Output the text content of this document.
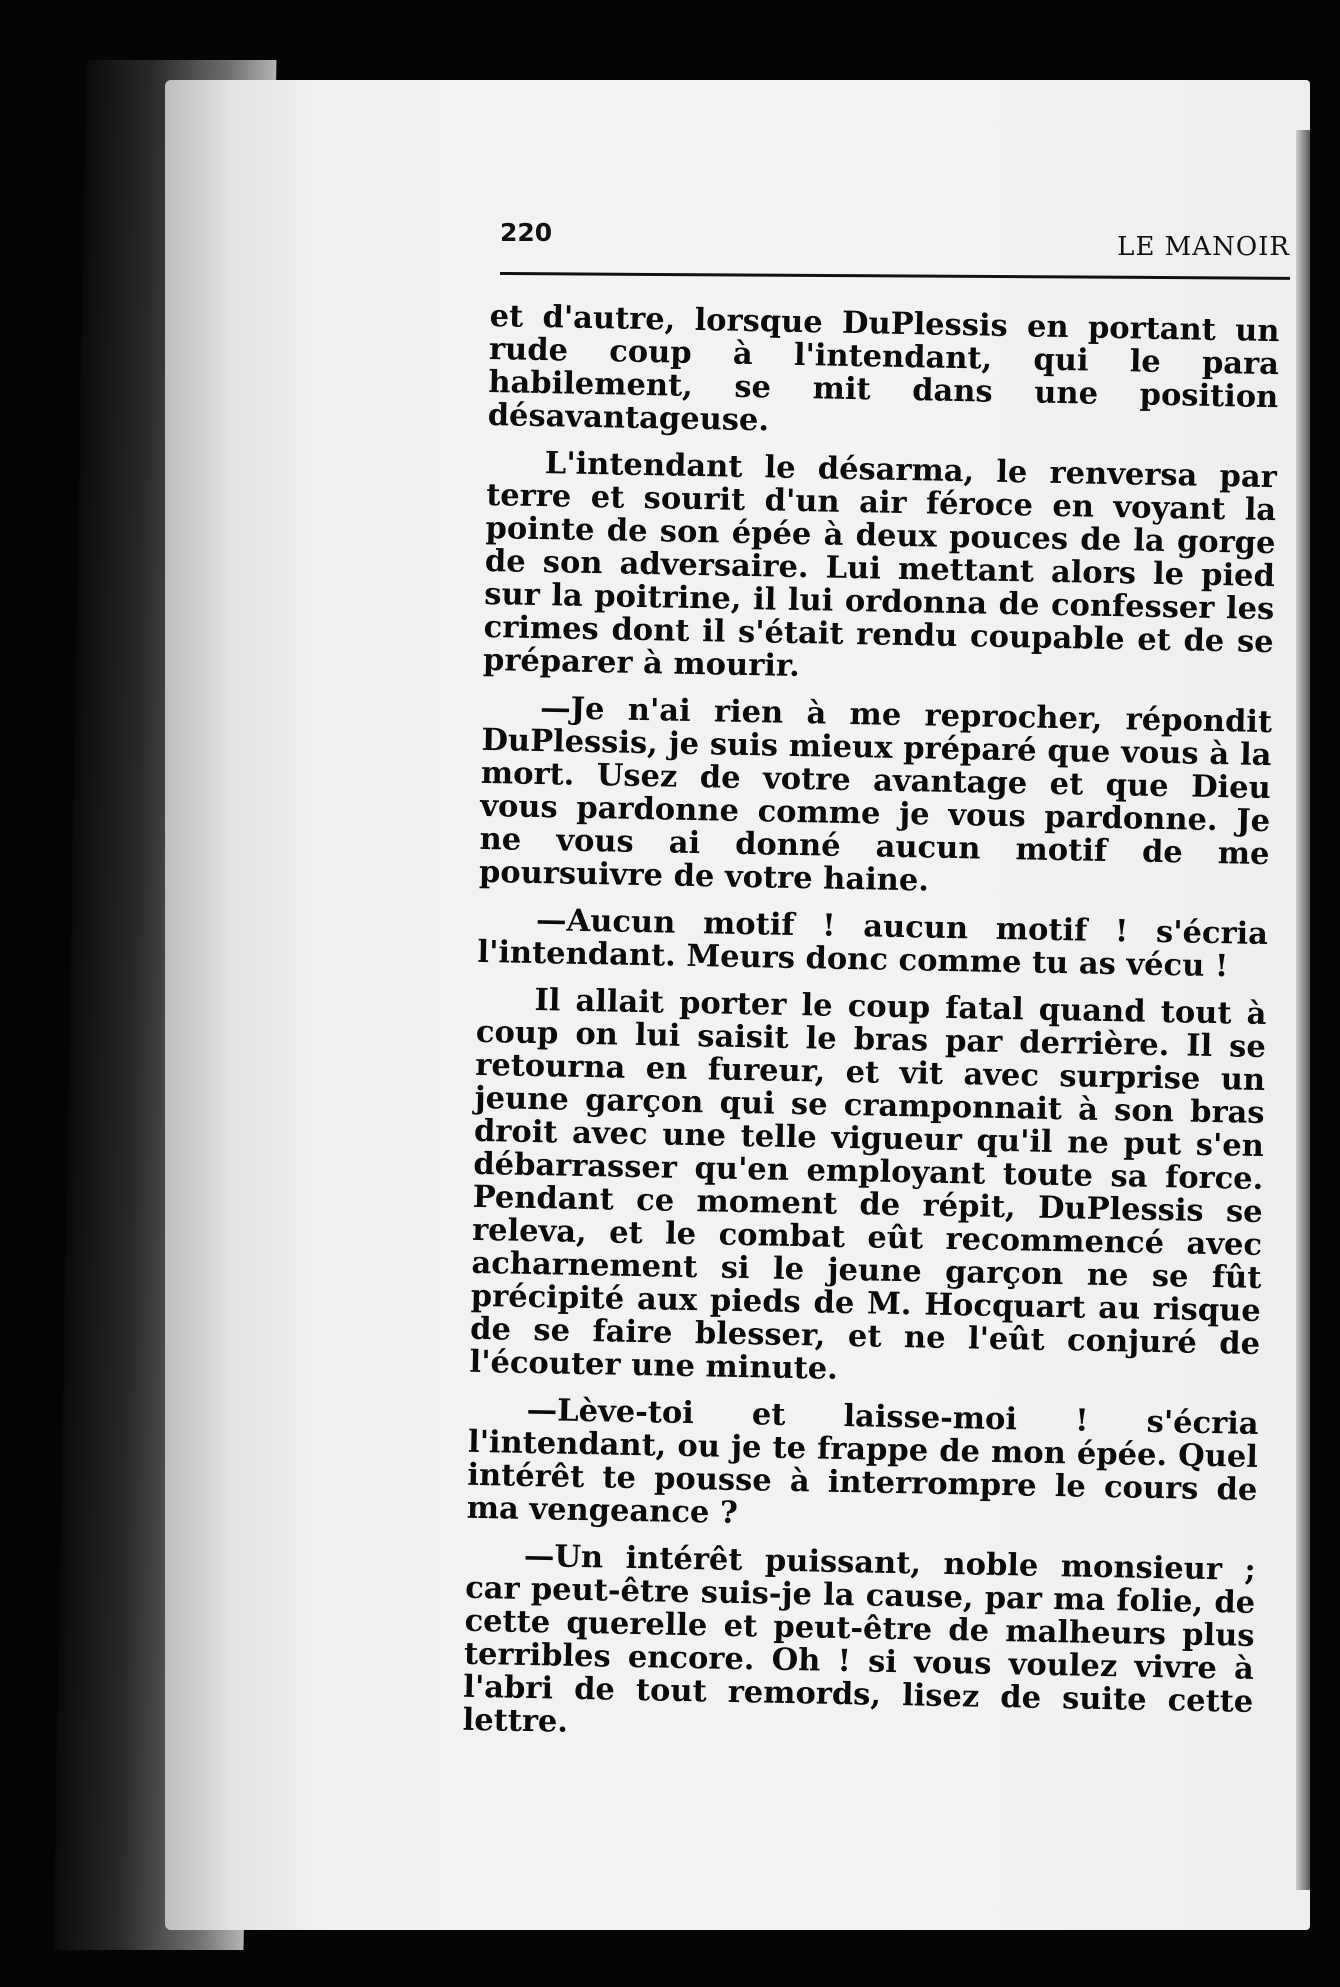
220	LE MANOIR

et d'autre, lorsque DuPlessis en portant un rude coup à l'intendant, qui le para habilement, se mit dans une position désavantageuse.

L'intendant le désarma, le renversa par terre et sourit d'un air féroce en voyant la pointe de son épée à deux pouces de la gorge de son adversaire. Lui mettant alors le pied sur la poitrine, il lui ordonna de confesser les crimes dont il s'était rendu coupable et de se préparer à mourir.

—Je n'ai rien à me reprocher, répondit DuPlessis, je suis mieux préparé que vous à la mort. Usez de votre avantage et que Dieu vous pardonne comme je vous pardonne. Je ne vous ai donné aucun motif de me poursuivre de votre haine.

—Aucun motif ! aucun motif ! s'écria l'intendant. Meurs donc comme tu as vécu !

Il allait porter le coup fatal quand tout à coup on lui saisit le bras par derrière. Il se retourna en fureur, et vit avec surprise un jeune garçon qui se cramponnait à son bras droit avec une telle vigueur qu'il ne put s'en débarrasser qu'en employant toute sa force. Pendant ce moment de répit, DuPlessis se releva, et le combat eût recommencé avec acharnement si le jeune garçon ne se fût précipité aux pieds de M. Hocquart au risque de se faire blesser, et ne l'eût conjuré de l'écouter une minute.

—Lève-toi et laisse-moi ! s'écria l'intendant, ou je te frappe de mon épée. Quel intérêt te pousse à interrompre le cours de ma vengeance ?

—Un intérêt puissant, noble monsieur ; car peut-être suis-je la cause, par ma folie, de cette querelle et peut-être de malheurs plus terribles encore. Oh ! si vous voulez vivre à l'abri de tout remords, lisez de suite cette lettre.
